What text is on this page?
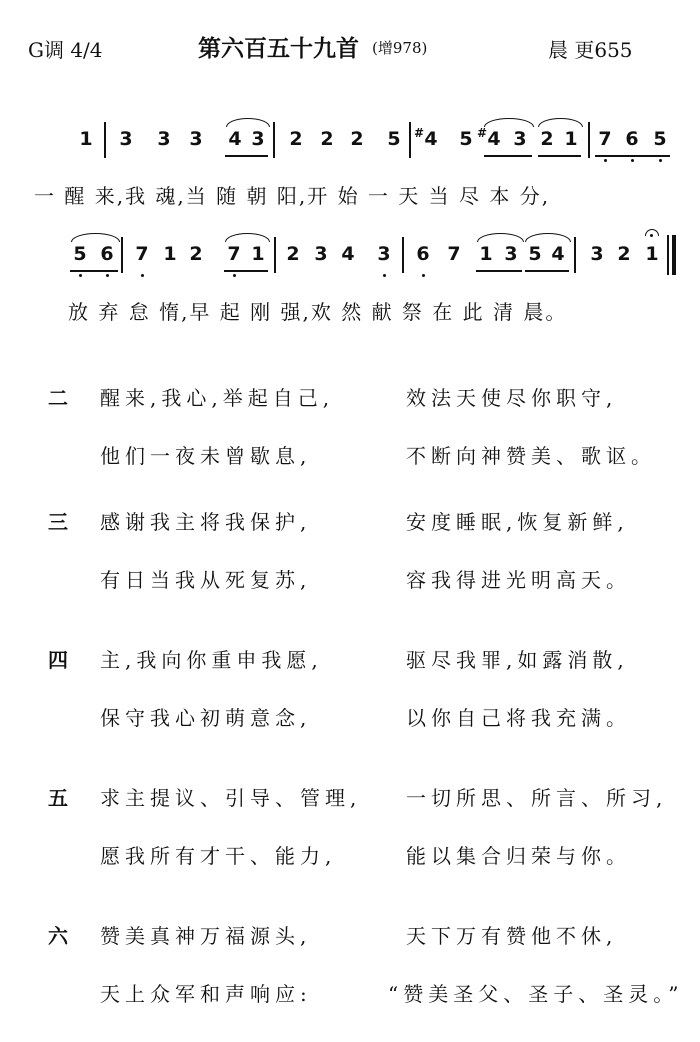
G调 4/4	第六百五十九首 (增978)	晨 更655
1 3 3 3 4 3 2 2 2 5 4
# 5 4
# 3 2 1 7 6 5
一 醒 来,我 魂,当 随 朝 阳,开 始 一 天 当 尽 本 分,
5 6 7 1 2 7 1 2 3 4 3 6 7 1 3 5 4 3 2 1
放 弃 怠 惰,早 起 刚 强,欢 然 献 祭 在 此 清 晨。
二 醒来,我心,举起自己,	效法天使尽你职守,
他们一夜未曾歇息,	不断向神赞美、歌讴。
三 感谢我主将我保护,	安度睡眠,恢复新鲜,
有日当我从死复苏,	容我得进光明高天。
四 主,我向你重申我愿,	驱尽我罪,如露消散,
保守我心初萌意念,	以你自己将我充满。
五 求主提议、引导、管理, 一切所思、所言、所习,
愿我所有才干、能力,	能以集合归荣与你。
六 赞美真神万福源头,	天下万有赞他不休,
天上众军和声响应:	“赞美圣父、圣子、圣灵。”
